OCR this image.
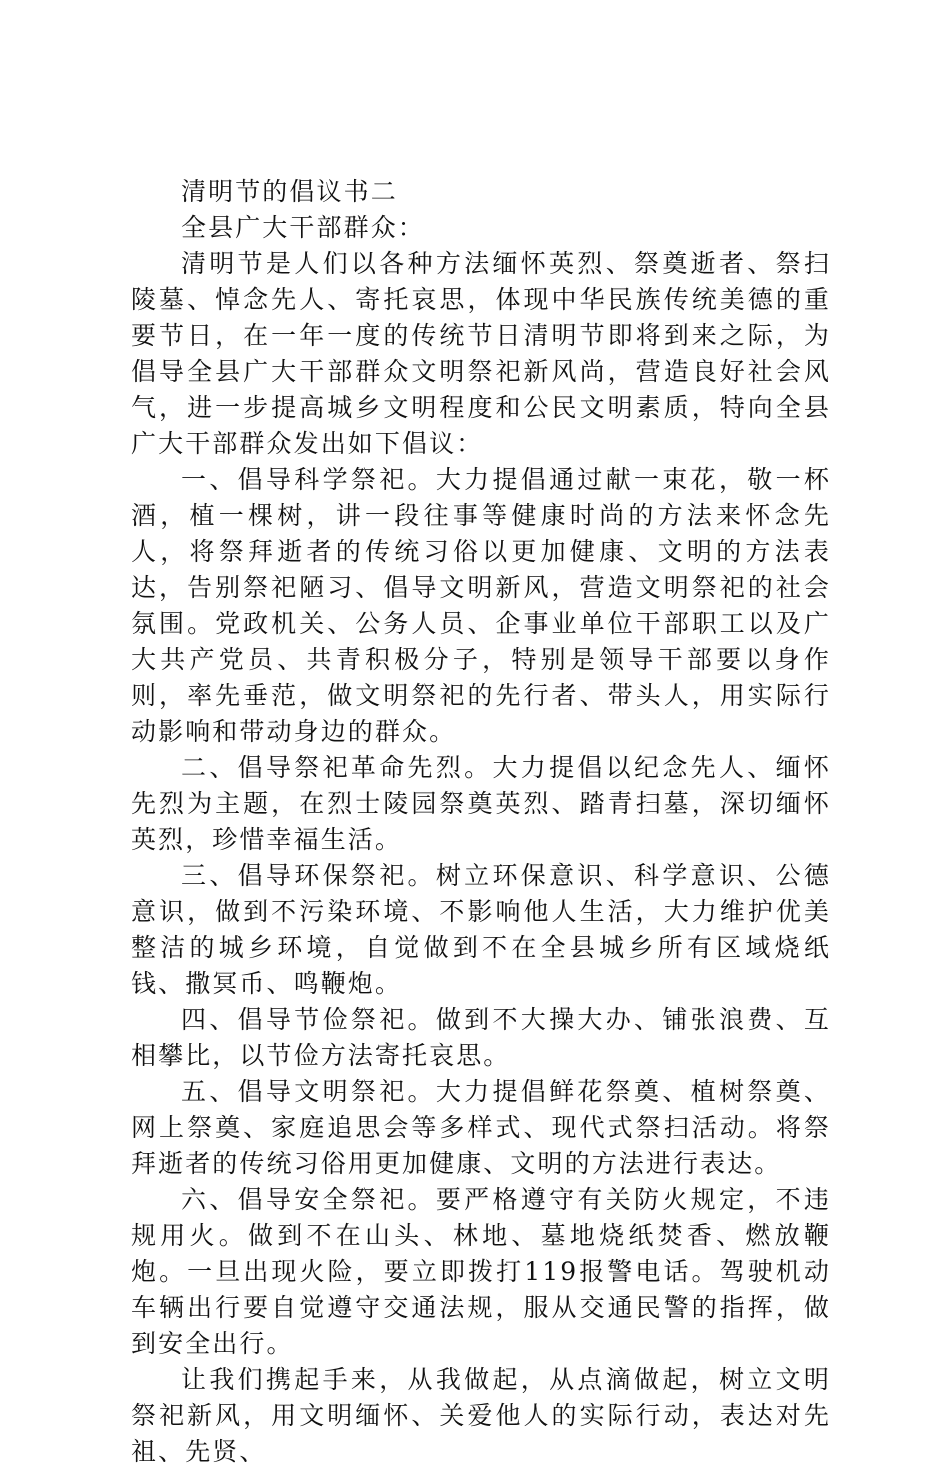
清明节的倡议书二

全县广大干部群众：

清明节是人们以各种方法缅怀英烈、祭奠逝者、祭扫陵墓、悼念先人、寄托哀思，体现中华民族传统美德的重要节日，在一年一度的传统节日清明节即将到来之际，为倡导全县广大干部群众文明祭祀新风尚，营造良好社会风气，进一步提高城乡文明程度和公民文明素质，特向全县广大干部群众发出如下倡议：

一、倡导科学祭祀。大力提倡通过献一束花，敬一杯酒，植一棵树，讲一段往事等健康时尚的方法来怀念先人，将祭拜逝者的传统习俗以更加健康、文明的方法表达，告别祭祀陋习、倡导文明新风，营造文明祭祀的社会氛围。党政机关、公务人员、企事业单位干部职工以及广大共产党员、共青积极分子，特别是领导干部要以身作则，率先垂范，做文明祭祀的先行者、带头人，用实际行动影响和带动身边的群众。

二、倡导祭祀革命先烈。大力提倡以纪念先人、缅怀先烈为主题，在烈士陵园祭奠英烈、踏青扫墓，深切缅怀英烈，珍惜幸福生活。

三、倡导环保祭祀。树立环保意识、科学意识、公德意识，做到不污染环境、不影响他人生活，大力维护优美整洁的城乡环境，自觉做到不在全县城乡所有区域烧纸钱、撒冥币、鸣鞭炮。

四、倡导节俭祭祀。做到不大操大办、铺张浪费、互相攀比，以节俭方法寄托哀思。

五、倡导文明祭祀。大力提倡鲜花祭奠、植树祭奠、网上祭奠、家庭追思会等多样式、现代式祭扫活动。将祭拜逝者的传统习俗用更加健康、文明的方法进行表达。

六、倡导安全祭祀。要严格遵守有关防火规定，不违规用火。做到不在山头、林地、墓地烧纸焚香、燃放鞭炮。一旦出现火险，要立即拨打119报警电话。驾驶机动车辆出行要自觉遵守交通法规，服从交通民警的指挥，做到安全出行。

让我们携起手来，从我做起，从点滴做起，树立文明祭祀新风，用文明缅怀、关爱他人的实际行动，表达对先祖、先贤、
